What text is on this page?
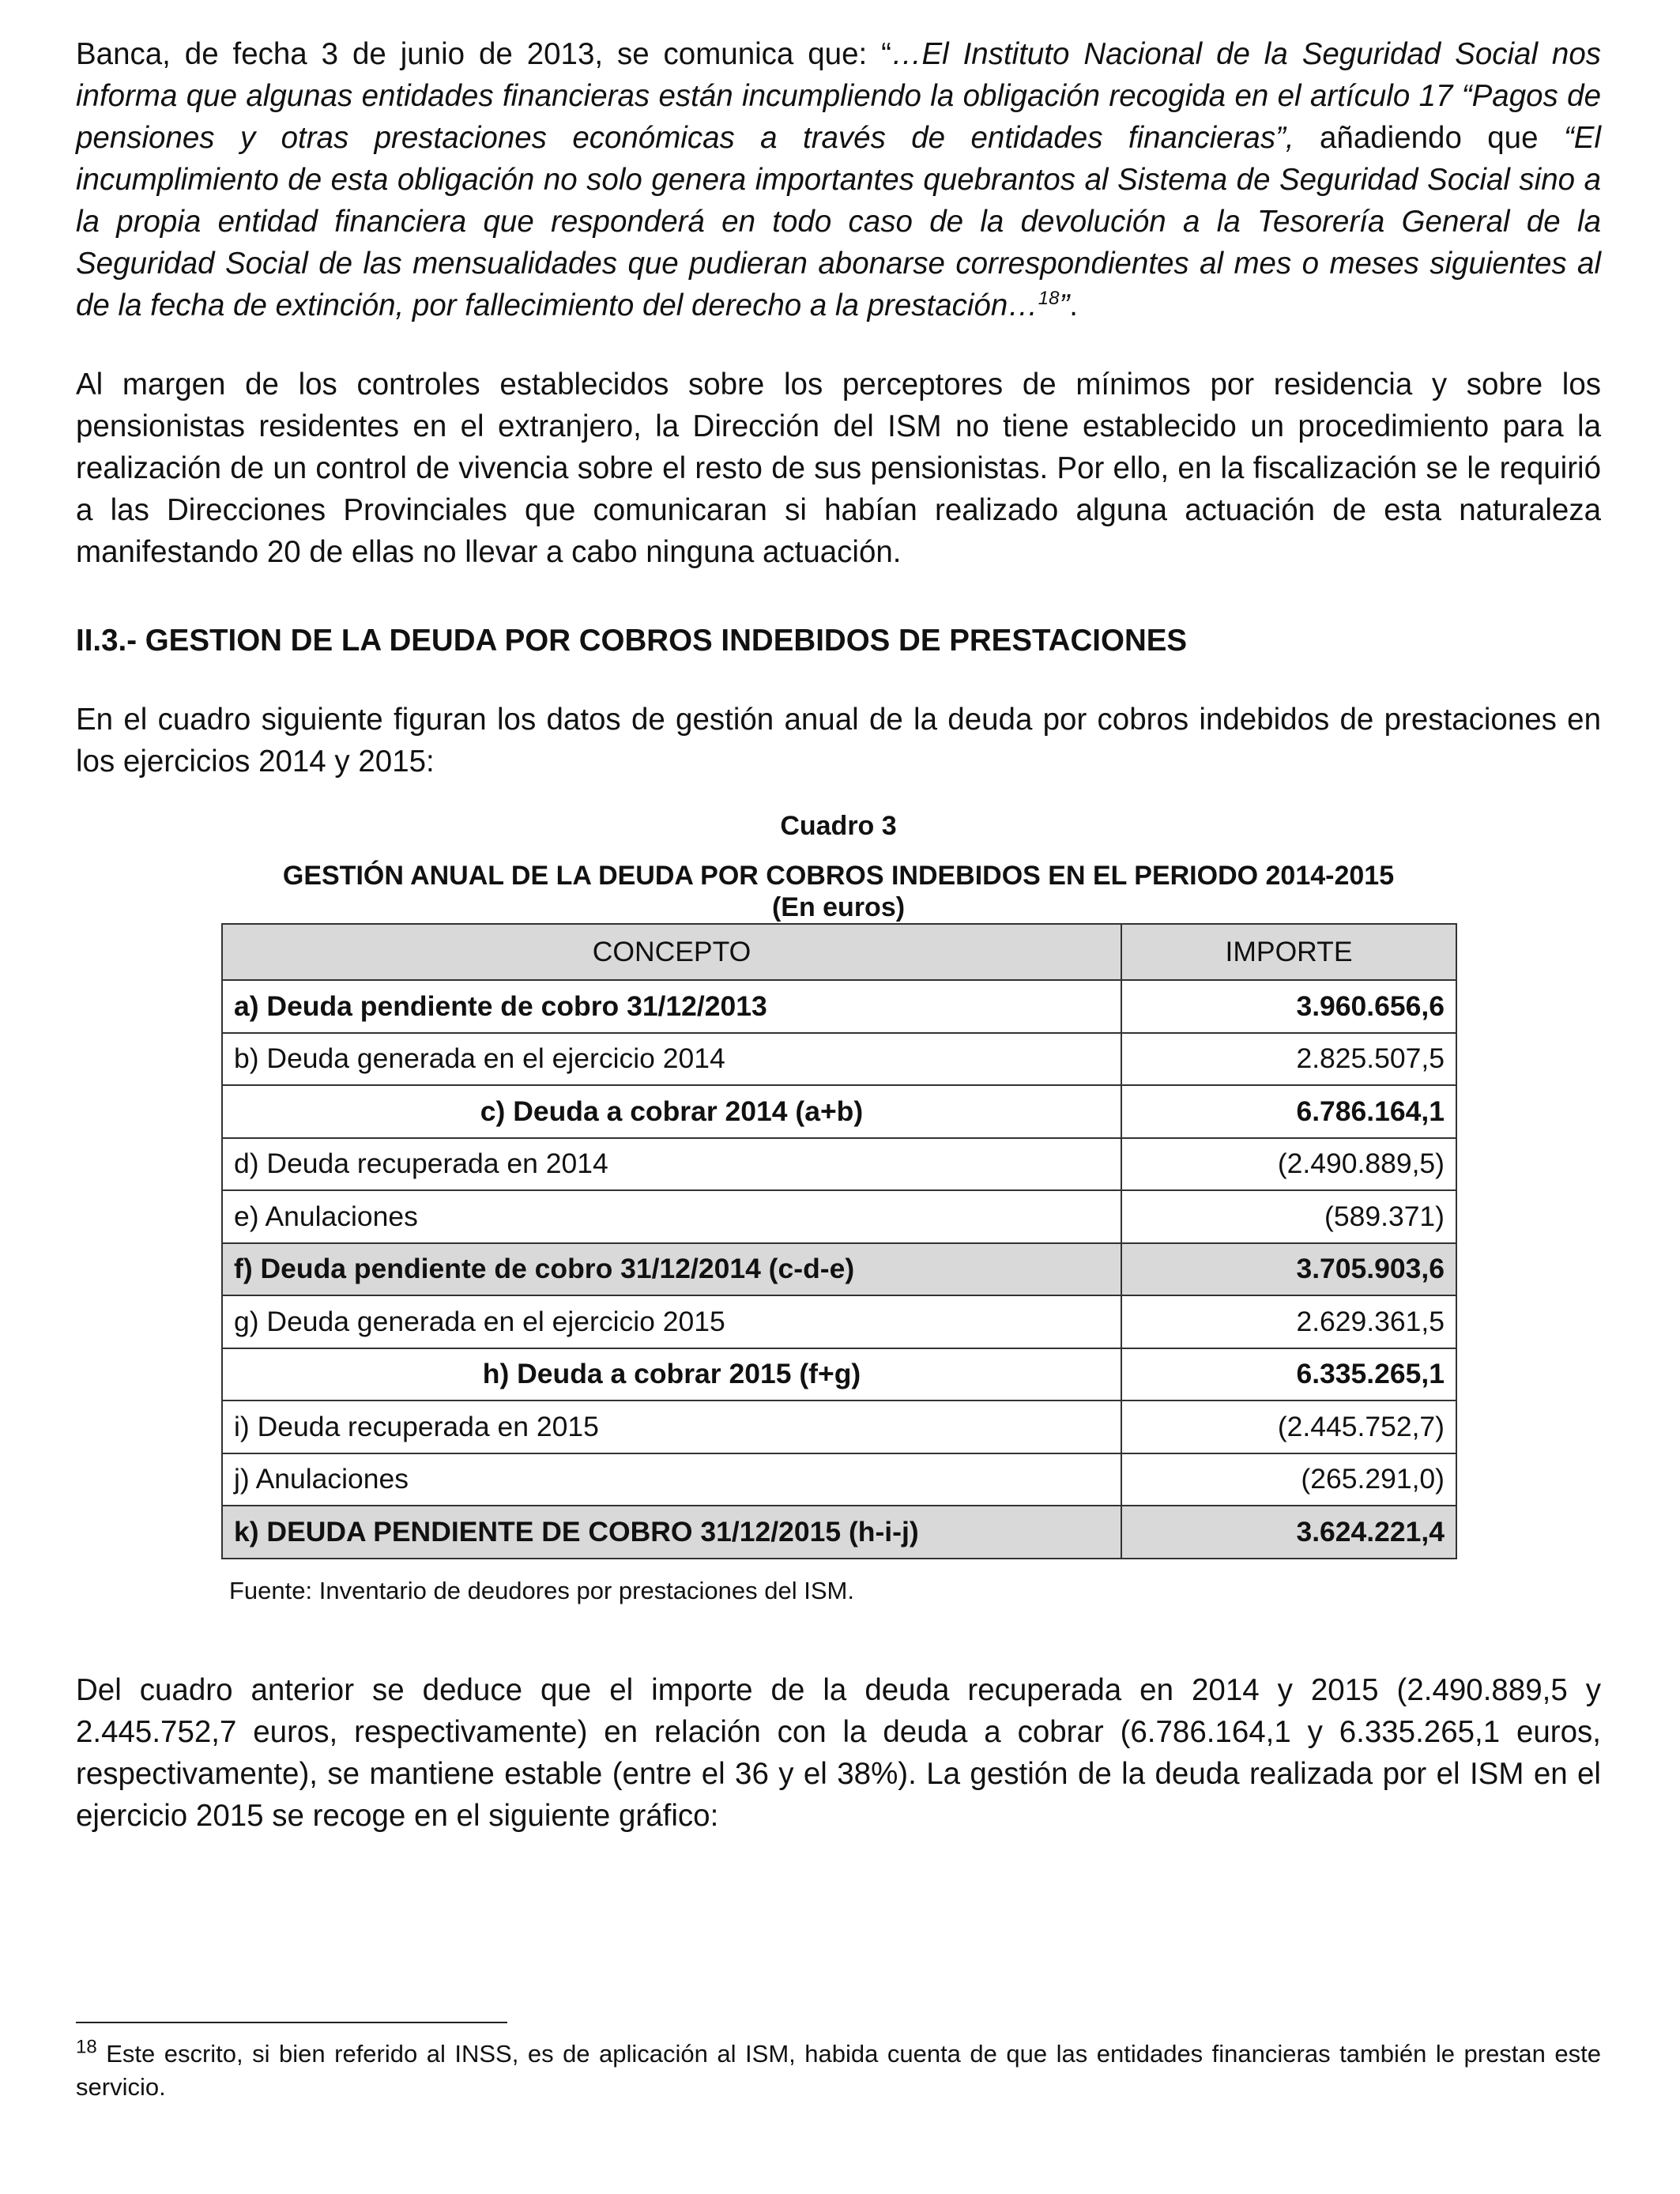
Banca, de fecha 3 de junio de 2013, se comunica que: “…El Instituto Nacional de la Seguridad Social nos informa que algunas entidades financieras están incumpliendo la obligación recogida en el artículo 17 “Pagos de pensiones y otras prestaciones económicas a través de entidades financieras”, añadiendo que “El incumplimiento de esta obligación no solo genera importantes quebrantos al Sistema de Seguridad Social sino a la propia entidad financiera que responderá en todo caso de la devolución a la Tesorería General de la Seguridad Social de las mensualidades que pudieran abonarse correspondientes al mes o meses siguientes al de la fecha de extinción, por fallecimiento del derecho a la prestación…$^{18}$”.

Al margen de los controles establecidos sobre los perceptores de mínimos por residencia y sobre los pensionistas residentes en el extranjero, la Dirección del ISM no tiene establecido un procedimiento para la realización de un control de vivencia sobre el resto de sus pensionistas. Por ello, en la fiscalización se le requirió a las Direcciones Provinciales que comunicaran si habían realizado alguna actuación de esta naturaleza manifestando 20 de ellas no llevar a cabo ninguna actuación.

II.3.- GESTION DE LA DEUDA POR COBROS INDEBIDOS DE PRESTACIONES

En el cuadro siguiente figuran los datos de gestión anual de la deuda por cobros indebidos de prestaciones en los ejercicios 2014 y 2015:

Cuadro 3
GESTIÓN ANUAL DE LA DEUDA POR COBROS INDEBIDOS EN EL PERIODO 2014-2015
(En euros)
CONCEPTO	IMPORTE
a) Deuda pendiente de cobro 31/12/2013	3.960.656,6
b) Deuda generada en el ejercicio 2014	2.825.507,5
c) Deuda a cobrar 2014 (a+b)	6.786.164,1
d) Deuda recuperada en 2014	(2.490.889,5)
e) Anulaciones	(589.371)
f) Deuda pendiente de cobro 31/12/2014 (c-d-e)	3.705.903,6
g) Deuda generada en el ejercicio 2015	2.629.361,5
h) Deuda a cobrar 2015 (f+g)	6.335.265,1
i) Deuda recuperada en 2015	(2.445.752,7)
j) Anulaciones	(265.291,0)
k) DEUDA PENDIENTE DE COBRO 31/12/2015 (h-i-j)	3.624.221,4
Fuente: Inventario de deudores por prestaciones del ISM.

Del cuadro anterior se deduce que el importe de la deuda recuperada en 2014 y 2015 (2.490.889,5 y 2.445.752,7 euros, respectivamente) en relación con la deuda a cobrar (6.786.164,1 y 6.335.265,1 euros, respectivamente), se mantiene estable (entre el 36 y el 38%). La gestión de la deuda realizada por el ISM en el ejercicio 2015 se recoge en el siguiente gráfico:

$^{18}$ Este escrito, si bien referido al INSS, es de aplicación al ISM, habida cuenta de que las entidades financieras también le prestan este servicio.
